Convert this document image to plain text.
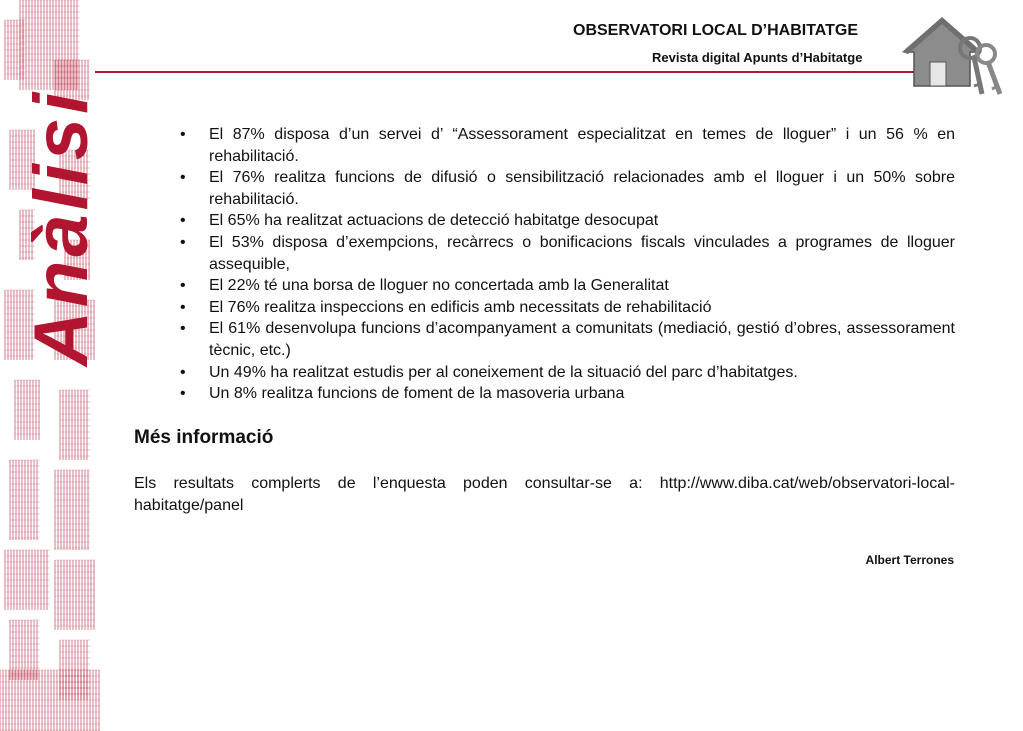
Anàlisi
OBSERVATORI LOCAL D’HABITATGE
Revista digital Apunts d’Habitatge
• El 87% disposa d’un servei d’ “Assessorament especialitzat en temes de lloguer” i un 56 % en rehabilitació.
• El 76% realitza funcions de difusió o sensibilització relacionades amb el lloguer i un 50% sobre rehabilitació.
• El 65% ha realitzat actuacions de detecció habitatge desocupat
• El 53% disposa d’exempcions, recàrrecs o bonificacions fiscals vinculades a programes de lloguer assequible,
• El 22% té una borsa de lloguer no concertada amb la Generalitat
• El 76% realitza inspeccions en edificis amb necessitats de rehabilitació
• El 61% desenvolupa funcions d’acompanyament a comunitats (mediació, gestió d’obres, assessorament tècnic, etc.)
• Un 49% ha realitzat estudis per al coneixement de la situació del parc d’habitatges.
• Un 8% realitza funcions de foment de la masoveria urbana
Més informació
Els resultats complerts de l’enquesta poden consultar-se a: http://www.diba.cat/web/observatori-local-habitatge/panel
Albert Terrones
